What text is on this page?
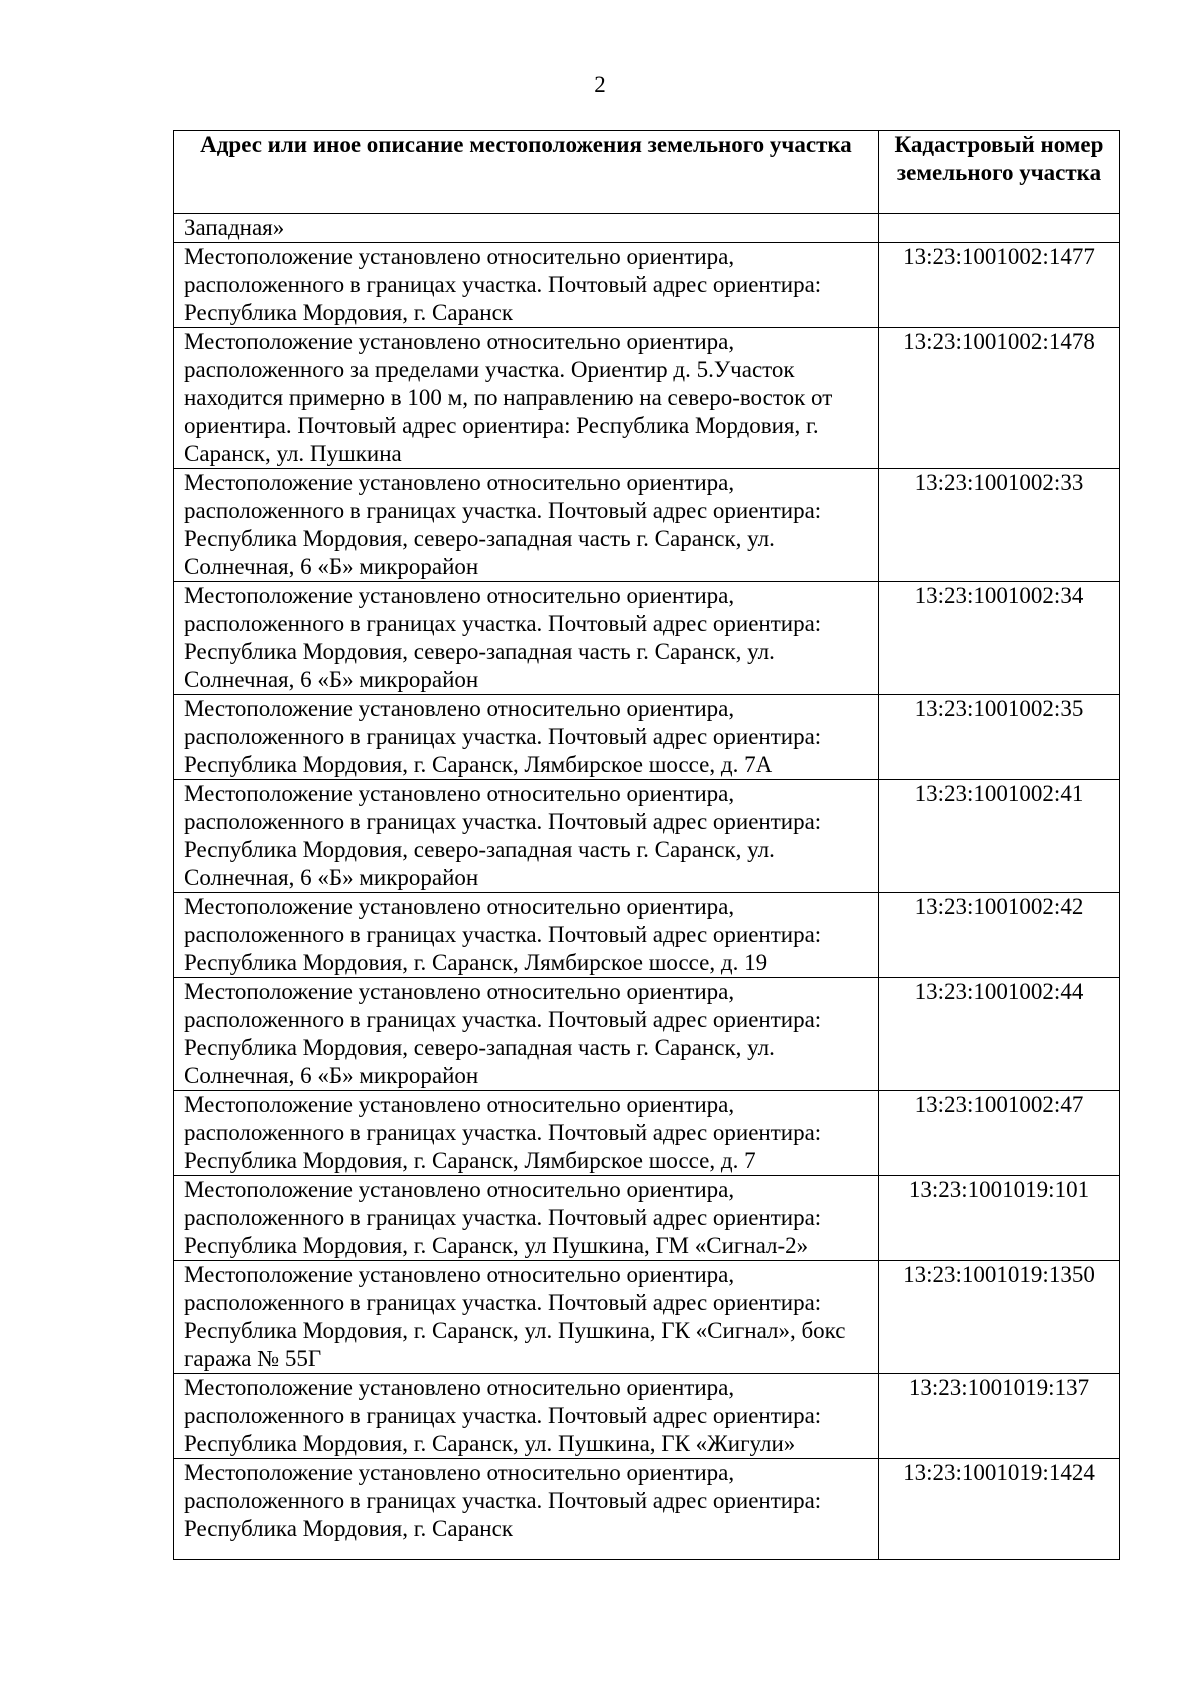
2
Адрес или иное описание местоположения земельного участка	Кадастровый номер земельного участка
Западная»	
Местоположение установлено относительно ориентира, расположенного в границах участка. Почтовый адрес ориентира: Республика Мордовия, г. Саранск	13:23:1001002:1477
Местоположение установлено относительно ориентира, расположенного за пределами участка. Ориентир д. 5.Участок находится примерно в 100 м, по направлению на северо-восток от ориентира. Почтовый адрес ориентира: Республика Мордовия, г. Саранск, ул. Пушкина	13:23:1001002:1478
Местоположение установлено относительно ориентира, расположенного в границах участка. Почтовый адрес ориентира: Республика Мордовия, северо-западная часть г. Саранск, ул. Солнечная, 6 «Б» микрорайон	13:23:1001002:33
Местоположение установлено относительно ориентира, расположенного в границах участка. Почтовый адрес ориентира: Республика Мордовия, северо-западная часть г. Саранск, ул. Солнечная, 6 «Б» микрорайон	13:23:1001002:34
Местоположение установлено относительно ориентира, расположенного в границах участка. Почтовый адрес ориентира: Республика Мордовия, г. Саранск, Лямбирское шоссе, д. 7А	13:23:1001002:35
Местоположение установлено относительно ориентира, расположенного в границах участка. Почтовый адрес ориентира: Республика Мордовия, северо-западная часть г. Саранск, ул. Солнечная, 6 «Б» микрорайон	13:23:1001002:41
Местоположение установлено относительно ориентира, расположенного в границах участка. Почтовый адрес ориентира: Республика Мордовия, г. Саранск, Лямбирское шоссе, д. 19	13:23:1001002:42
Местоположение установлено относительно ориентира, расположенного в границах участка. Почтовый адрес ориентира: Республика Мордовия, северо-западная часть г. Саранск, ул. Солнечная, 6 «Б» микрорайон	13:23:1001002:44
Местоположение установлено относительно ориентира, расположенного в границах участка. Почтовый адрес ориентира: Республика Мордовия, г. Саранск, Лямбирское шоссе, д. 7	13:23:1001002:47
Местоположение установлено относительно ориентира, расположенного в границах участка. Почтовый адрес ориентира: Республика Мордовия, г. Саранск, ул Пушкина, ГМ «Сигнал-2»	13:23:1001019:101
Местоположение установлено относительно ориентира, расположенного в границах участка. Почтовый адрес ориентира: Республика Мордовия, г. Саранск, ул. Пушкина, ГК «Сигнал», бокс гаража № 55Г	13:23:1001019:1350
Местоположение установлено относительно ориентира, расположенного в границах участка. Почтовый адрес ориентира: Республика Мордовия, г. Саранск, ул. Пушкина, ГК «Жигули»	13:23:1001019:137
Местоположение установлено относительно ориентира, расположенного в границах участка. Почтовый адрес ориентира: Республика Мордовия, г. Саранск	13:23:1001019:1424
